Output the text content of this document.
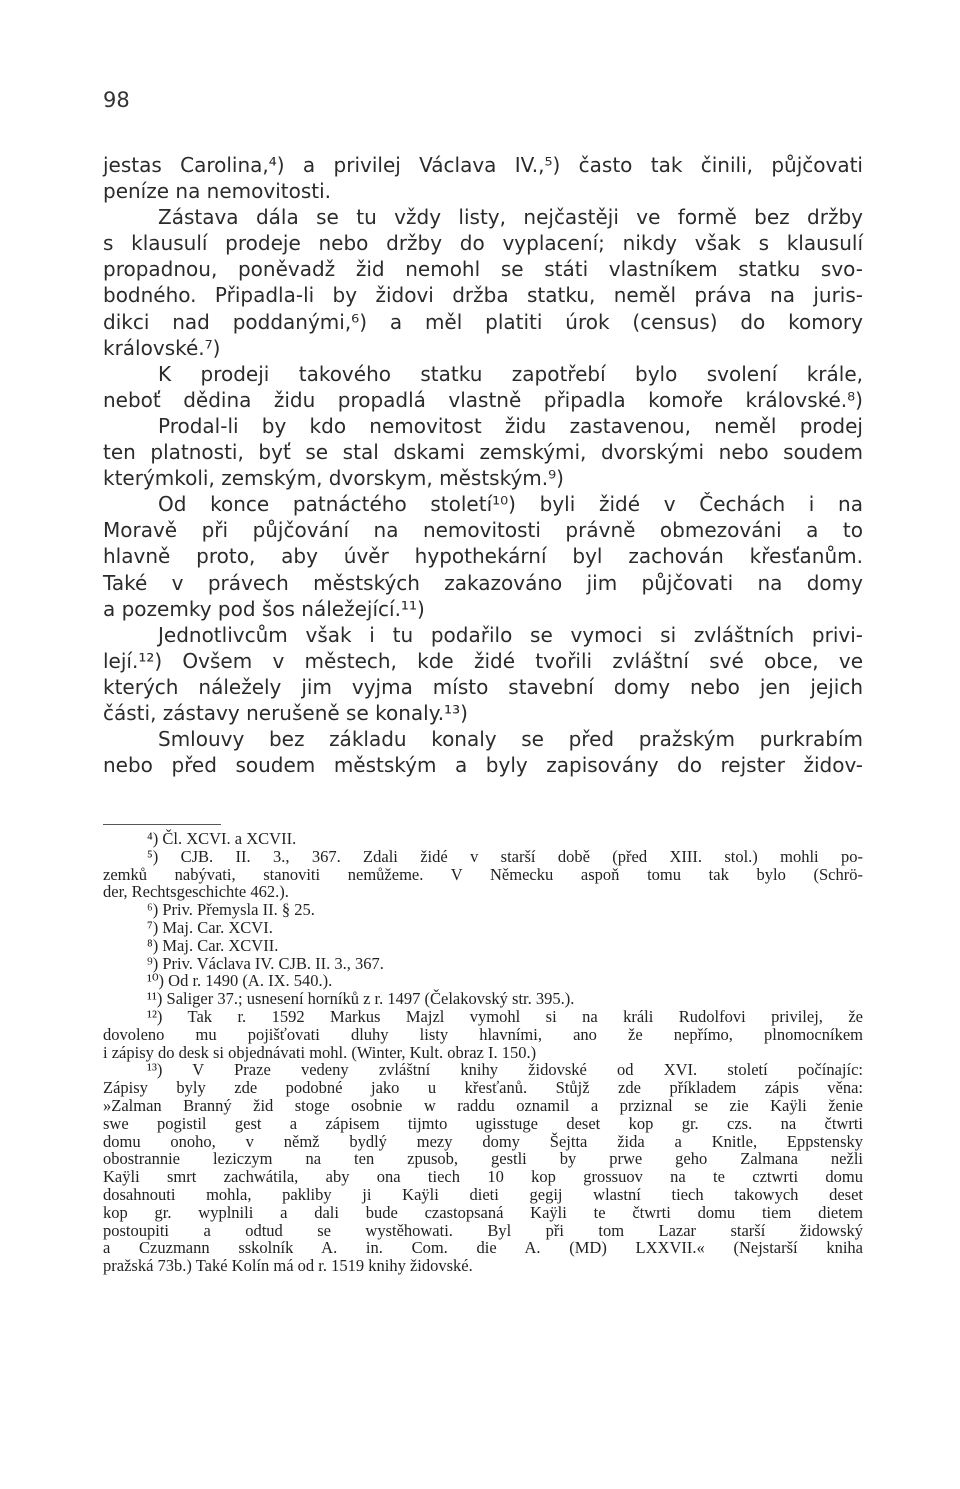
98
jestas Carolina,⁴) a privilej Václava IV.,⁵) často tak činili, půjčovati
peníze na nemovitosti.
Zástava dála se tu vždy listy, nejčastěji ve formě bez držby
s klausulí prodeje nebo držby do vyplacení; nikdy však s klausulí
propadnou, poněvadž žid nemohl se státi vlastníkem statku svo-
bodného. Připadla-li by židovi držba statku, neměl práva na juris-
dikci nad poddanými,⁶) a měl platiti úrok (census) do komory
královské.⁷)
K prodeji takového statku zapotřebí bylo svolení krále,
neboť dědina židu propadlá vlastně připadla komoře královské.⁸)
Prodal-li by kdo nemovitost židu zastavenou, neměl prodej
ten platnosti, byť se stal dskami zemskými, dvorskými nebo soudem
kterýmkoli, zemským, dvorskym, městským.⁹)
Od konce patnáctého století¹⁰) byli židé v Čechách i na
Moravě při půjčování na nemovitosti právně obmezováni a to
hlavně proto, aby úvěr hypothekární byl zachován křesťanům.
Také v právech městských zakazováno jim půjčovati na domy
a pozemky pod šos náležející.¹¹)
Jednotlivcům však i tu podařilo se vymoci si zvláštních privi-
lejí.¹²) Ovšem v městech, kde židé tvořili zvláštní své obce, ve
kterých náležely jim vyjma místo stavební domy nebo jen jejich
části, zástavy nerušeně se konaly.¹³)
Smlouvy bez základu konaly se před pražským purkrabím
nebo před soudem městským a byly zapisovány do rejster židov-
⁴) Čl. XCVI. a XCVII.
⁵) CJB. II. 3., 367. Zdali židé v starší době (před XIII. stol.) mohli po-
zemků nabývati, stanoviti nemůžeme. V Německu aspoň tomu tak bylo (Schrö-
der, Rechtsgeschichte 462.).
⁶) Priv. Přemysla II. § 25.
⁷) Maj. Car. XCVI.
⁸) Maj. Car. XCVII.
⁹) Priv. Václava IV. CJB. II. 3., 367.
¹⁰) Od r. 1490 (A. IX. 540.).
¹¹) Saliger 37.; usnesení horníků z r. 1497 (Čelakovský str. 395.).
¹²) Tak r. 1592 Markus Majzl vymohl si na králi Rudolfovi privilej, že
dovoleno mu pojišťovati dluhy listy hlavními, ano že nepřímo, plnomocníkem
i zápisy do desk si objednávati mohl. (Winter, Kult. obraz I. 150.)
¹³) V Praze vedeny zvláštní knihy židovské od XVI. století počínajíc:
Zápisy byly zde podobné jako u křesťanů. Stůjž zde příkladem zápis věna:
»Zalman Branný žid stoge osobnie w raddu oznamil a prziznal se zie Kaÿli ženie
swe pogistil gest a zápisem tijmto ugisstuge deset kop gr. czs. na čtwrti
domu onoho, v němž bydlý mezy domy Šejtta žida a Knitle, Eppstensky
obostrannie leziczym na ten zpusob, gestli by prwe geho Zalmana nežli
Kaÿli smrt zachwátila, aby ona tiech 10 kop grossuov na te cztwrti domu
dosahnouti mohla, pakliby ji Kaÿli dieti gegij wlastní tiech takowych deset
kop gr. wyplnili a dali bude czastopsaná Kaÿli te čtwrti domu tiem dietem
postoupiti a odtud se wystěhowati. Byl při tom Lazar starší židowský
a Czuzmann sskolník A. in. Com. die A. (MD) LXXVII.« (Nejstarší kniha
pražská 73b.) Také Kolín má od r. 1519 knihy židovské.
